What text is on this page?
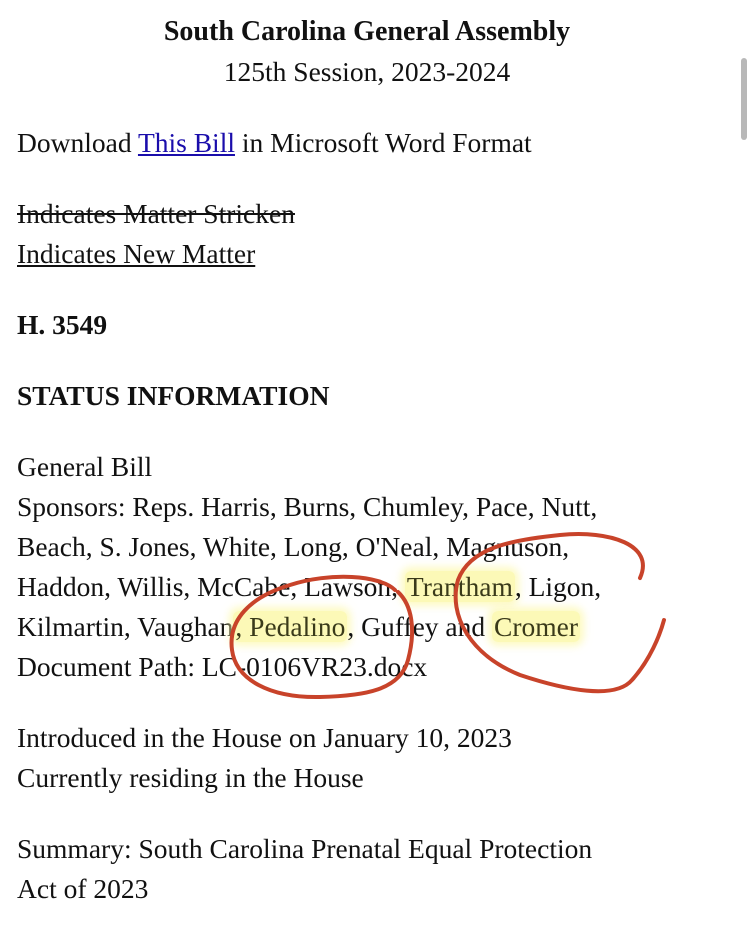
South Carolina General Assembly
125th Session, 2023-2024
Download This Bill in Microsoft Word Format
Indicates Matter Stricken
Indicates New Matter
H. 3549
STATUS INFORMATION
General Bill
Sponsors: Reps. Harris, Burns, Chumley, Pace, Nutt,
Beach, S. Jones, White, Long, O'Neal, Magnuson,
Haddon, Willis, McCabe, Lawson, Trantham, Ligon,
Kilmartin, Vaughan, Pedalino, Guffey and Cromer
Document Path: LC-0106VR23.docx
Introduced in the House on January 10, 2023
Currently residing in the House
Summary: South Carolina Prenatal Equal Protection
Act of 2023
